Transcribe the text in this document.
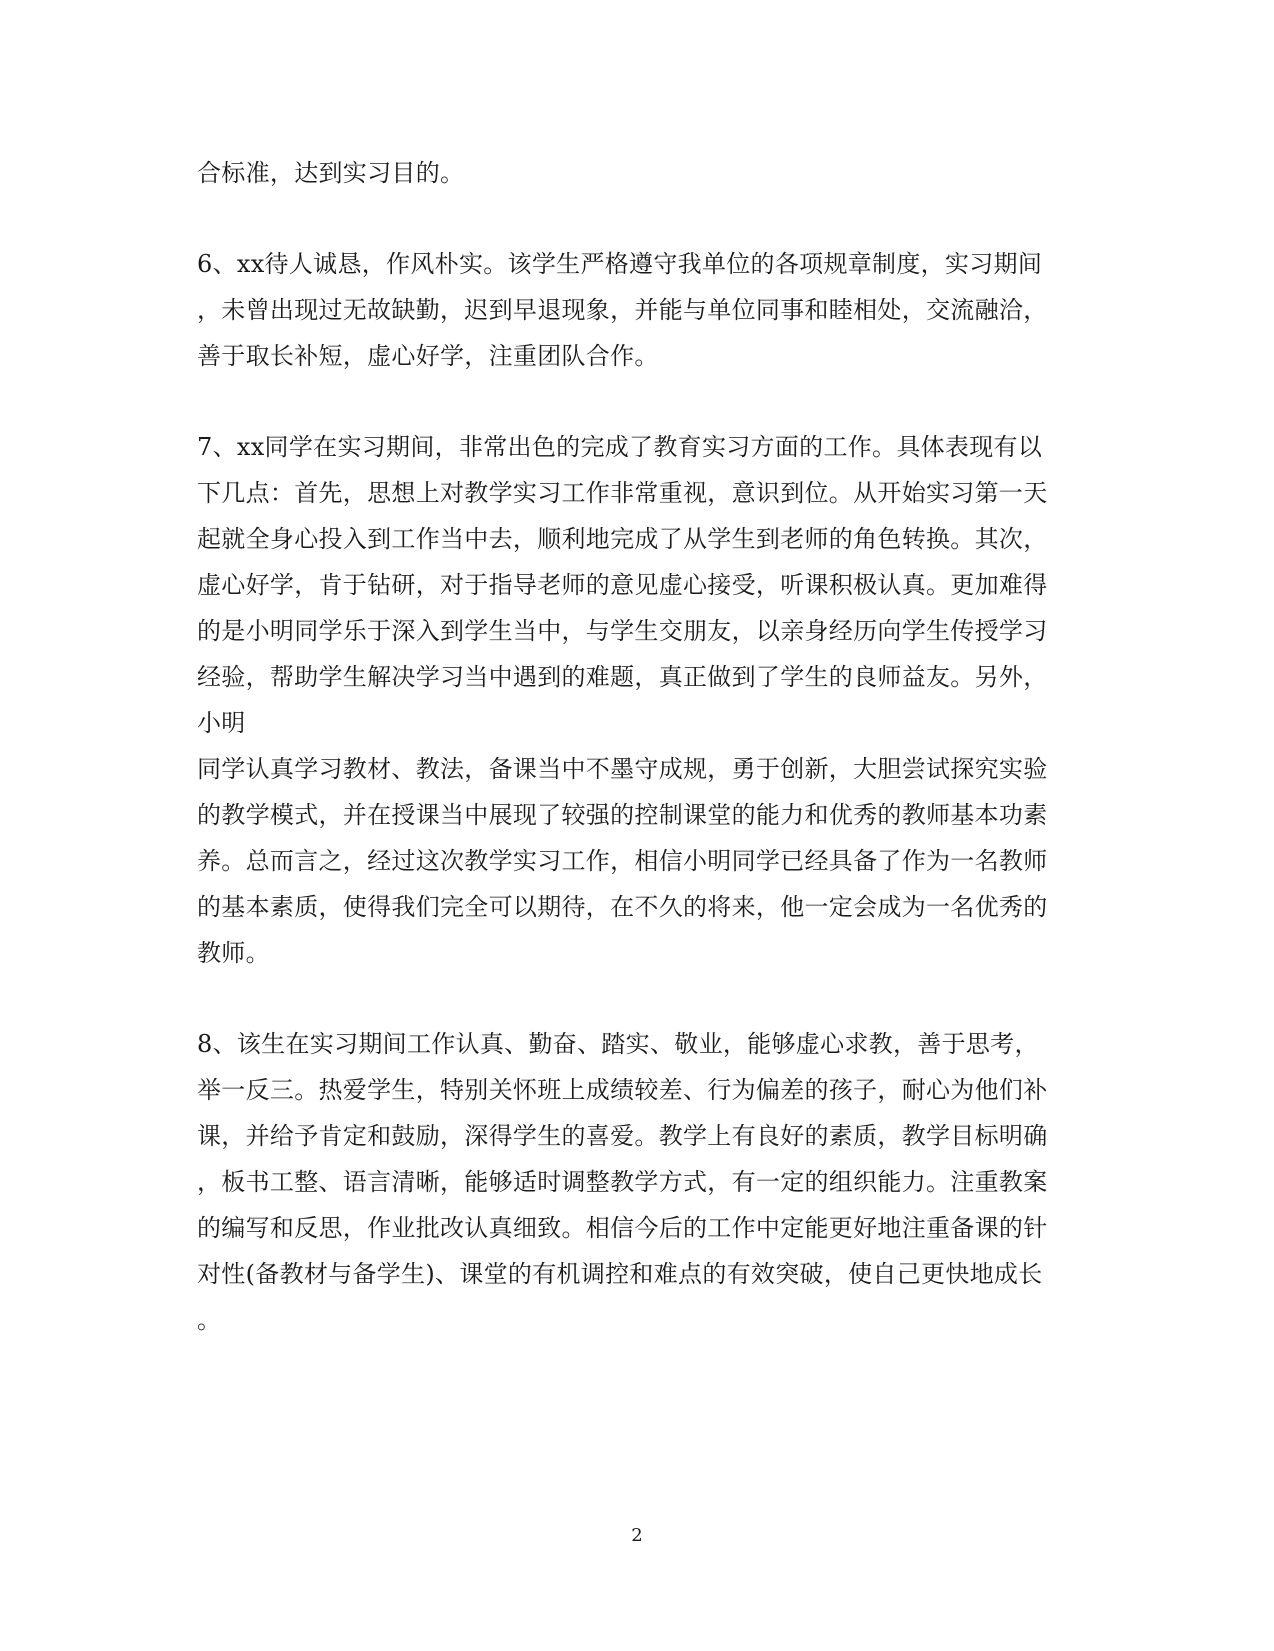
合标准，达到实习目的。
6、xx待人诚恳，作风朴实。该学生严格遵守我单位的各项规章制度，实习期间
，未曾出现过无故缺勤，迟到早退现象，并能与单位同事和睦相处，交流融洽，
善于取长补短，虚心好学，注重团队合作。
7、xx同学在实习期间，非常出色的完成了教育实习方面的工作。具体表现有以
下几点：首先，思想上对教学实习工作非常重视，意识到位。从开始实习第一天
起就全身心投入到工作当中去，顺利地完成了从学生到老师的角色转换。其次，
虚心好学，肯于钻研，对于指导老师的意见虚心接受，听课积极认真。更加难得
的是小明同学乐于深入到学生当中，与学生交朋友，以亲身经历向学生传授学习
经验，帮助学生解决学习当中遇到的难题，真正做到了学生的良师益友。另外，
小明
同学认真学习教材、教法，备课当中不墨守成规，勇于创新，大胆尝试探究实验
的教学模式，并在授课当中展现了较强的控制课堂的能力和优秀的教师基本功素
养。总而言之，经过这次教学实习工作，相信小明同学已经具备了作为一名教师
的基本素质，使得我们完全可以期待，在不久的将来，他一定会成为一名优秀的
教师。
8、该生在实习期间工作认真、勤奋、踏实、敬业，能够虚心求教，善于思考，
举一反三。热爱学生，特别关怀班上成绩较差、行为偏差的孩子，耐心为他们补
课，并给予肯定和鼓励，深得学生的喜爱。教学上有良好的素质，教学目标明确
，板书工整、语言清晰，能够适时调整教学方式，有一定的组织能力。注重教案
的编写和反思，作业批改认真细致。相信今后的工作中定能更好地注重备课的针
对性(备教材与备学生)、课堂的有机调控和难点的有效突破，使自己更快地成长
。
2
